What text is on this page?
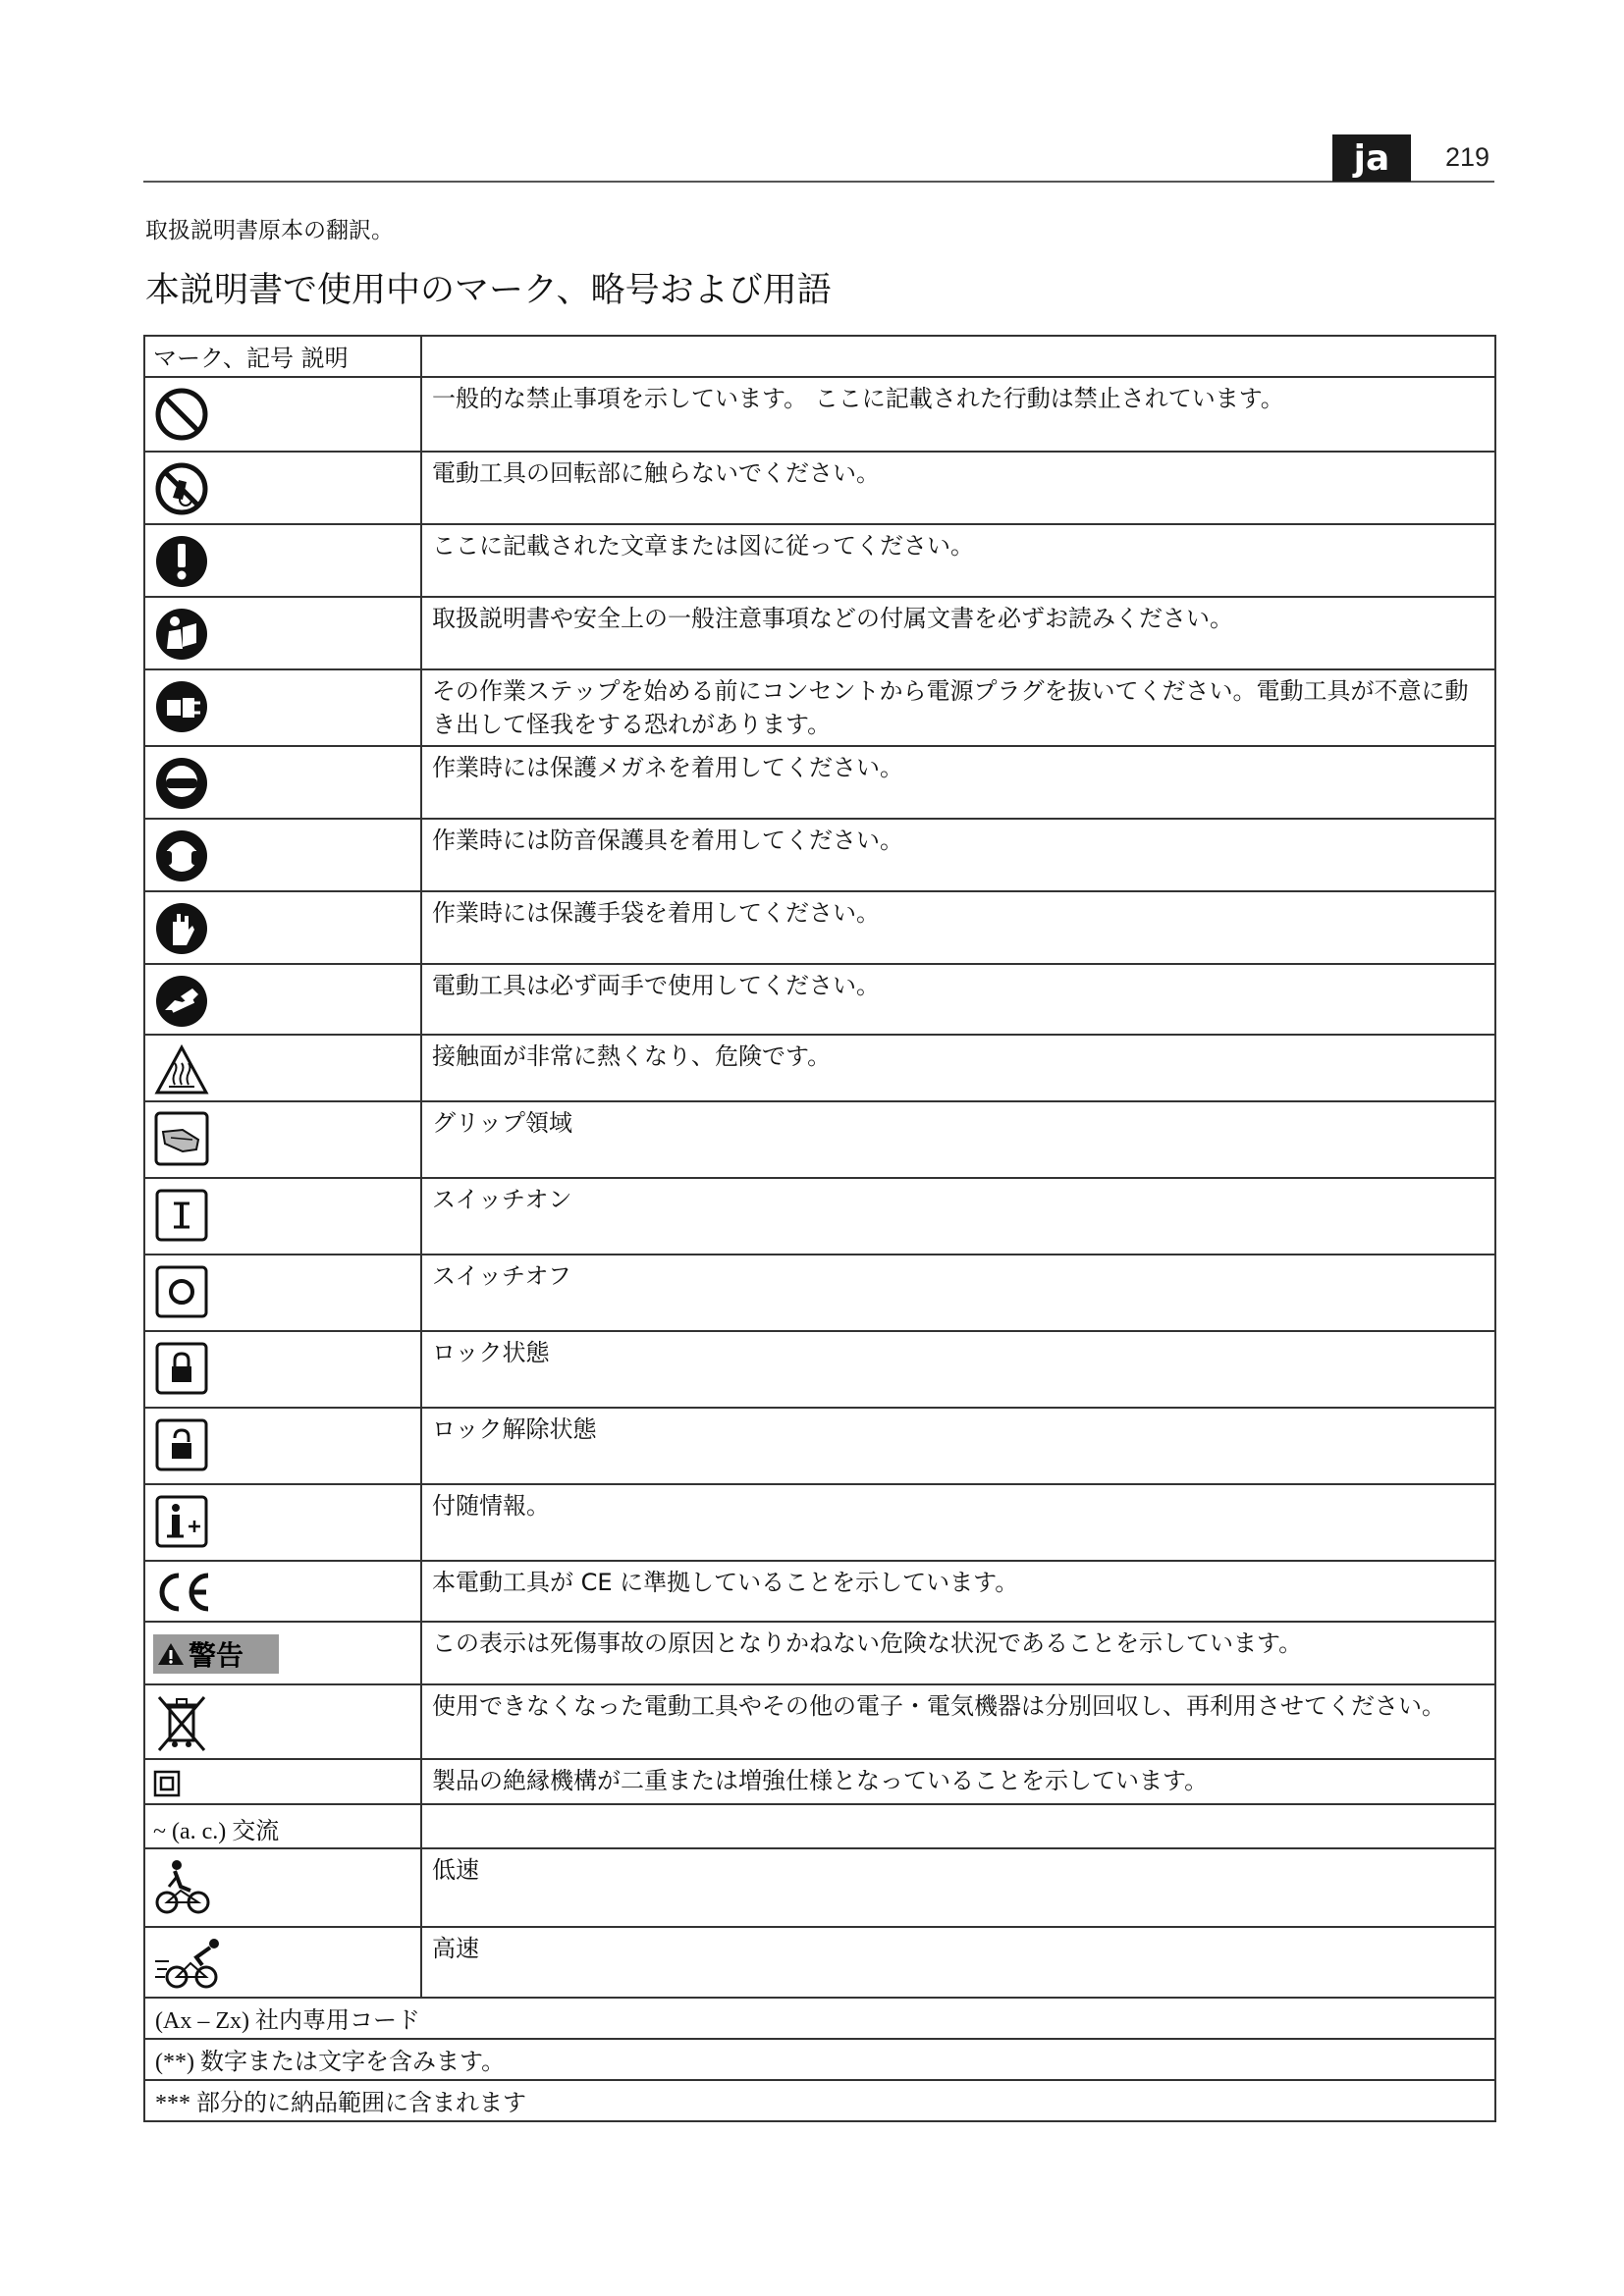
ja	219
取扱説明書原本の翻訳。
本説明書で使用中のマーク、略号および用語
マーク、記号 説明	

	一般的な禁止事項を示しています。 ここに記載された行動は禁止されています。

	電動工具の回転部に触らないでください。

	ここに記載された文章または図に従ってください。

	取扱説明書や安全上の一般注意事項などの付属文書を必ずお読みください。

	その作業ステップを始める前にコンセントから電源プラグを抜いてください。電動工具が不意に動き出して怪我をする恐れがあります。

	作業時には保護メガネを着用してください。

	作業時には防音保護具を着用してください。

	作業時には保護手袋を着用してください。

	電動工具は必ず両手で使用してください。

	接触面が非常に熱くなり、危険です。

	グリップ領域

	スイッチオン

	スイッチオフ

	ロック状態

	ロック解除状態

	付随情報。

	本電動工具が CE に準拠していることを示しています。

警告	この表示は死傷事故の原因となりかねない危険な状況であることを示しています。

	使用できなくなった電動工具やその他の電子・電気機器は分別回収し、再利用させてください。

	製品の絶縁機構が二重または増強仕様となっていることを示しています。
~ (a. c.) 交流	

	低速

	高速
(Ax – Zx) 社内専用コード	
(**) 数字または文字を含みます。	
*** 部分的に納品範囲に含まれます	
